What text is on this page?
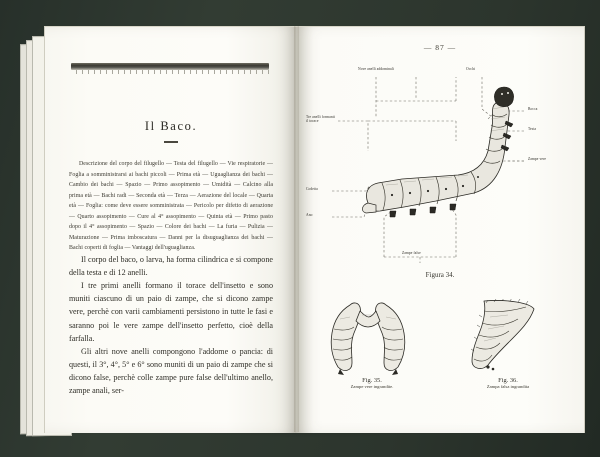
Il Baco.
Descrizione del corpo del filugello — Testa del filugello — Vie respiratorie — Foglia a somministrarsi ai bachi piccoli — Prima età — Uguaglianza dei bachi — Cambio dei bachi — Spazio — Primo assopimento — Umidità — Calcino alla prima età — Bachi radi — Seconda età — Terza — Aerazione del locale — Quarta età — Foglia: come deve essere somministrata — Pericolo per difetto di aerazione — Quarto assopimento — Cure al 4° assopimento — Quinta età — Primo pasto dopo il 4° assopimento — Spazio — Colore dei bachi — La furia — Pulizia — Maturazione — Prima imboscatura — Danni per la disuguaglianza dei bachi — Bachi coperti di foglia — Vantaggi dell'uguaglianza.

Il corpo del baco, o larva, ha forma cilindrica e si compone della testa e di 12 anelli.

I tre primi anelli formano il torace dell'insetto e sono muniti ciascuno di un paio di zampe, che si dicono zampe vere, perchè con varii cambiamenti persistono in tutte le fasi e saranno poi le vere zampe dell'insetto perfetto, cioè della farfalla.

Gli altri nove anelli compongono l'addome o pancia: di questi, il 3°, 4°, 5° e 6° sono muniti di un paio di zampe che si dicono false, perchè colle zampe pure false dell'ultimo anello, zampe anali, ser-

— 87 —
Nove anelli addominali	Occhi
Tre anelli formanti il torace
Codetta
Ano
Bocca
Testa
Zampe vere
Zampe false
Figura 34.
Fig. 35.
Zampe vere ingrandite.
Fig. 36.
Zampa falsa ingrandita
